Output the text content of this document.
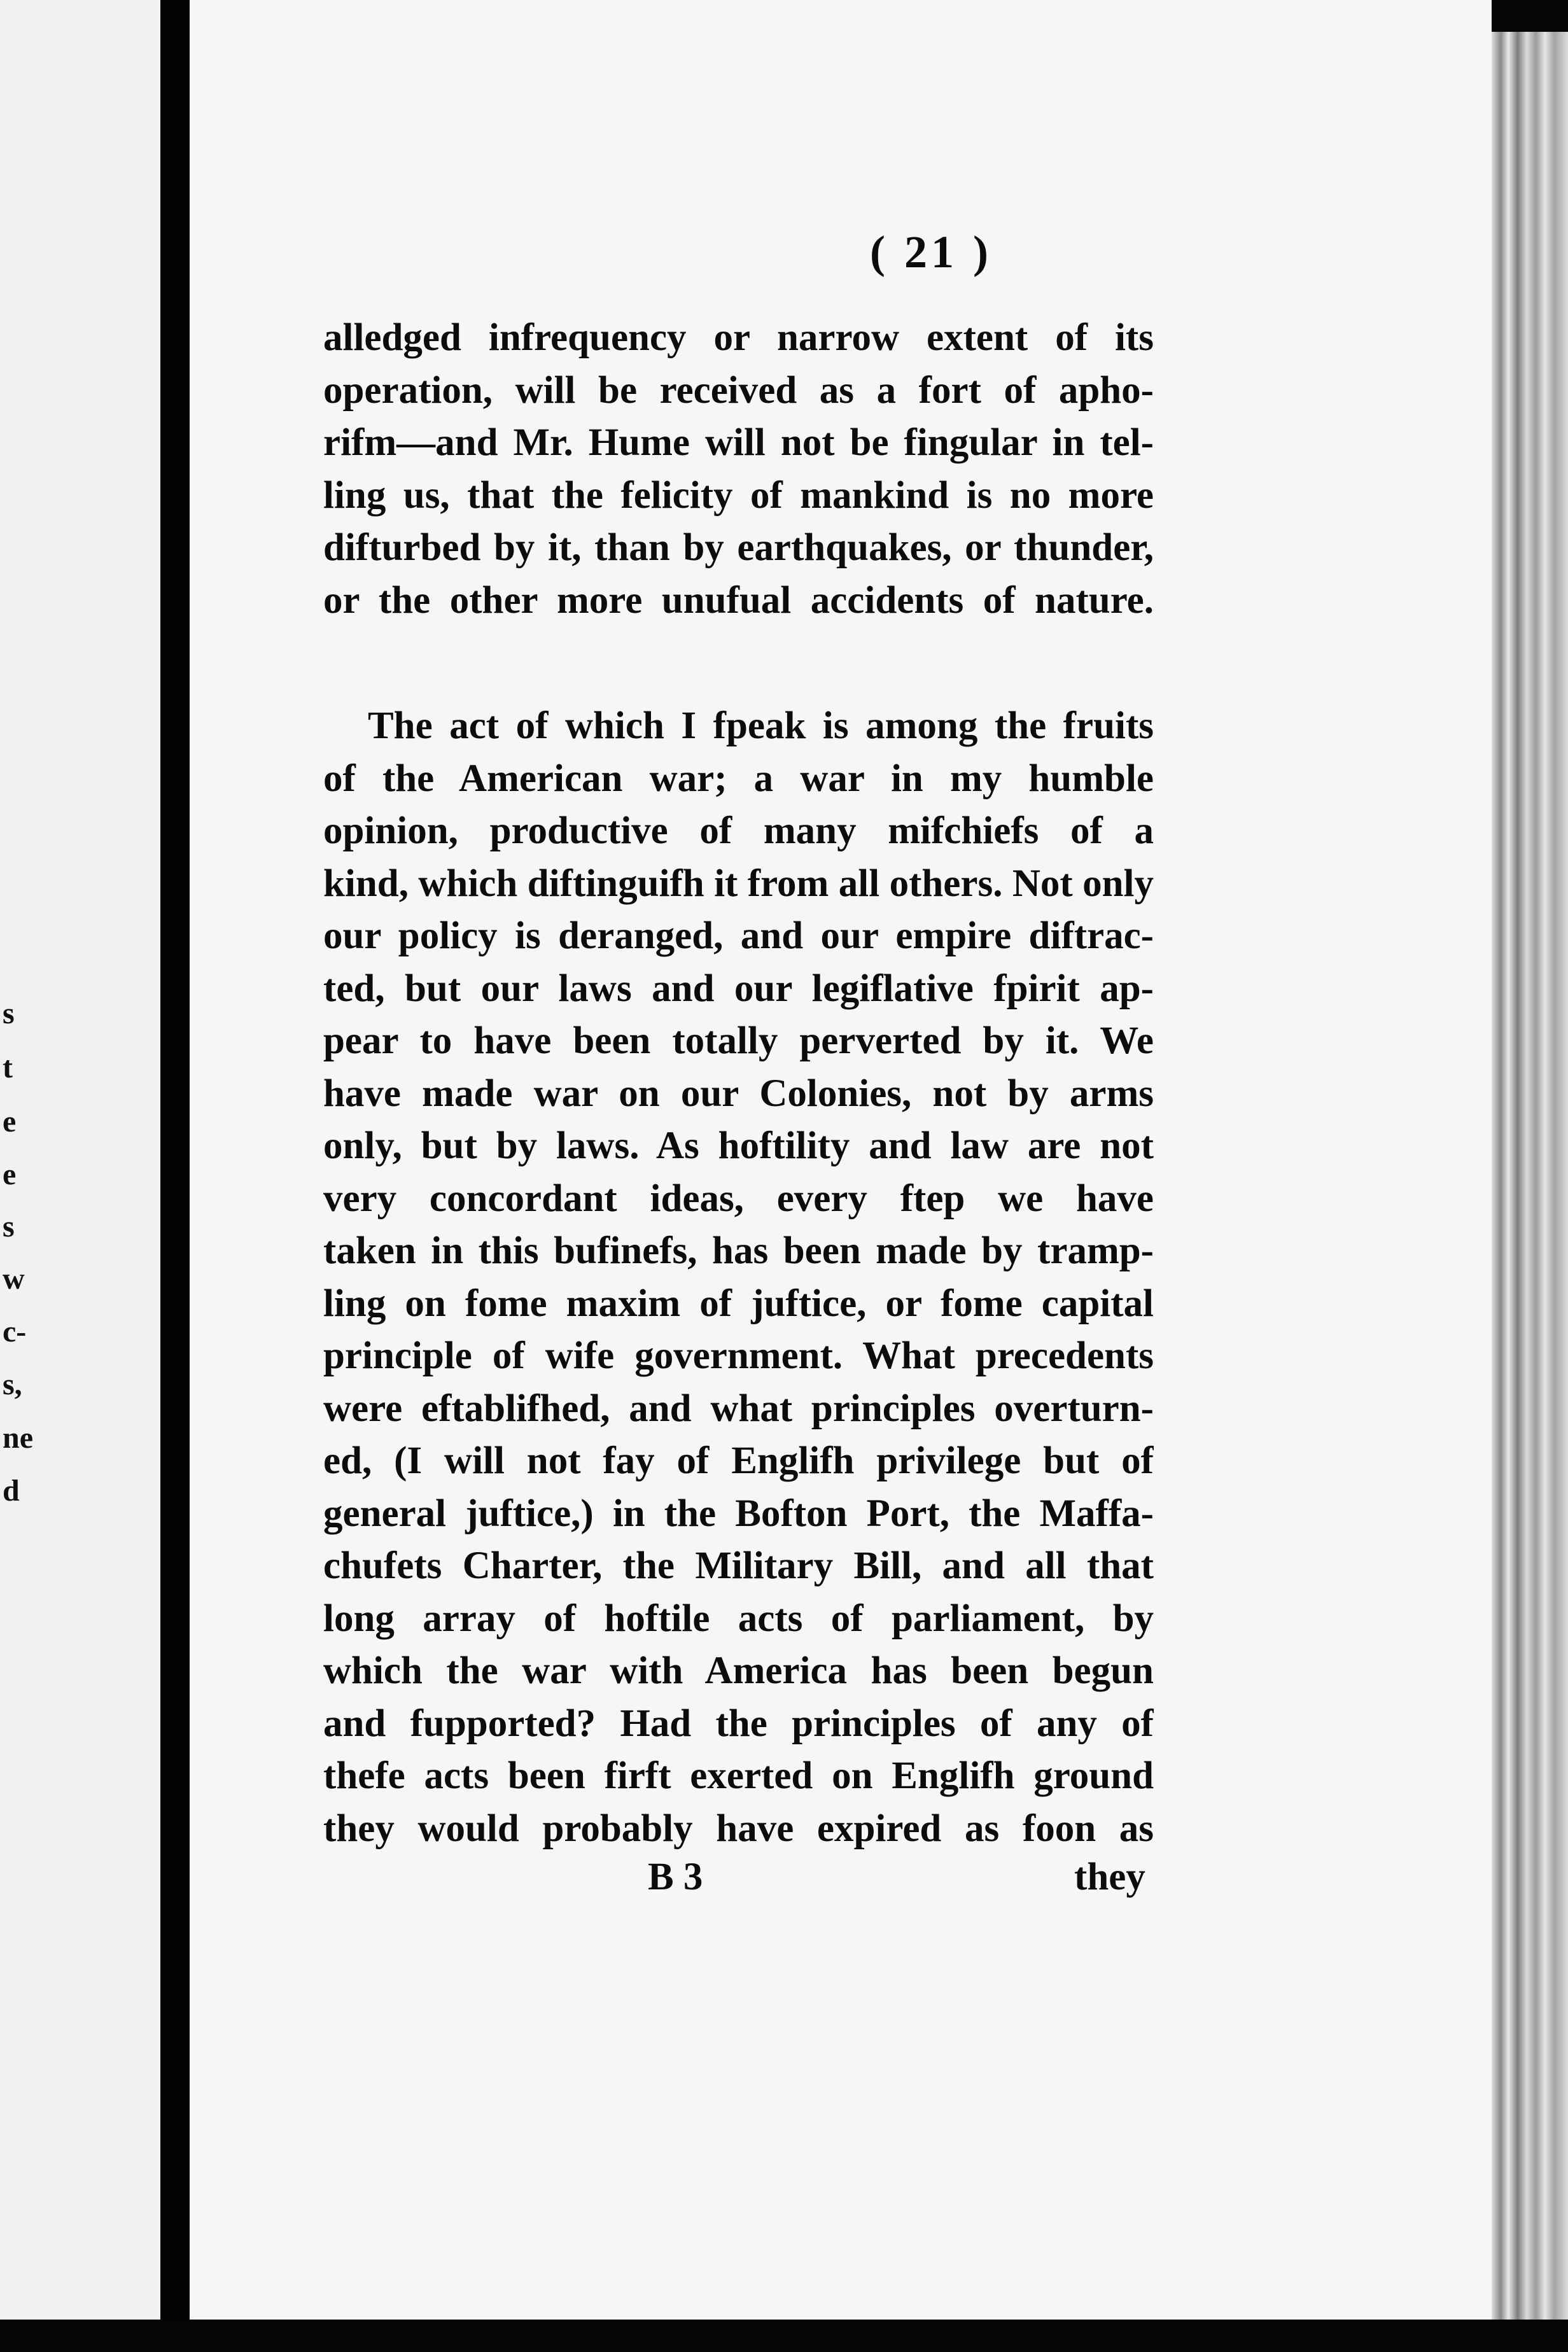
s
t
e
e
s
w
c-
s,
ne
d
( 21 )
alledged infrequency or narrow extent of its
operation, will be received as a fort of apho-
rifm—and Mr. Hume will not be fingular in tel-
ling us, that the felicity of mankind is no more
difturbed by it, than by earthquakes, or thunder,
or the other more unufual accidents of nature.
The act of which I fpeak is among the fruits
of the American war; a war in my humble
opinion, productive of many mifchiefs of a
kind, which diftinguifh it from all others. Not only
our policy is deranged, and our empire diftrac-
ted, but our laws and our legiflative fpirit ap-
pear to have been totally perverted by it. We
have made war on our Colonies, not by arms
only, but by laws. As hoftility and law are not
very concordant ideas, every ftep we have
taken in this bufinefs, has been made by tramp-
ling on fome maxim of juftice, or fome capital
principle of wife government. What precedents
were eftablifhed, and what principles overturn-
ed, (I will not fay of Englifh privilege but of
general juftice,) in the Bofton Port, the Maffa-
chufets Charter, the Military Bill, and all that
long array of hoftile acts of parliament, by
which the war with America has been begun
and fupported? Had the principles of any of
thefe acts been firft exerted on Englifh ground
they would probably have expired as foon as
B 3	they
